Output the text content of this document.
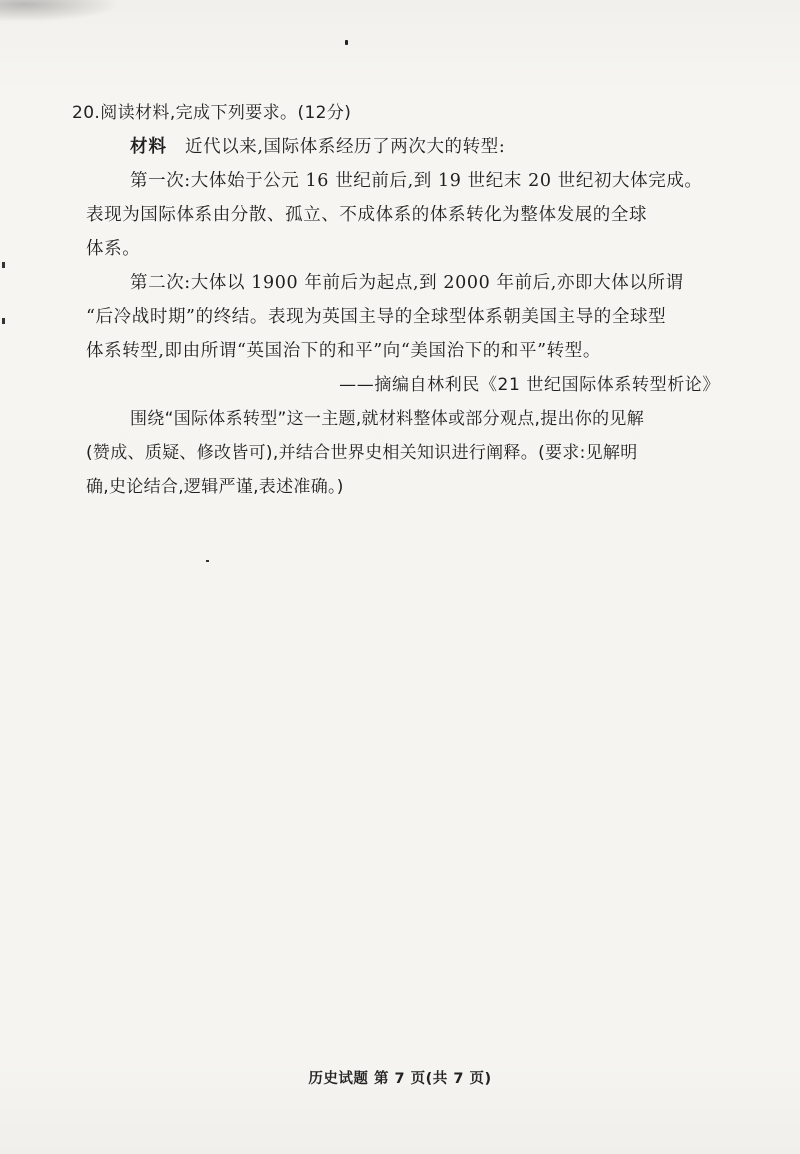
20.阅读材料,完成下列要求。(12分)
材料 近代以来,国际体系经历了两次大的转型:
第一次:大体始于公元 16 世纪前后,到 19 世纪末 20 世纪初大体完成。
表现为国际体系由分散、孤立、不成体系的体系转化为整体发展的全球
体系。
第二次:大体以 1900 年前后为起点,到 2000 年前后,亦即大体以所谓
“后冷战时期”的终结。表现为英国主导的全球型体系朝美国主导的全球型
体系转型,即由所谓“英国治下的和平”向“美国治下的和平”转型。
——摘编自林利民《21 世纪国际体系转型析论》
围绕“国际体系转型”这一主题,就材料整体或部分观点,提出你的见解
(赞成、质疑、修改皆可),并结合世界史相关知识进行阐释。(要求:见解明
确,史论结合,逻辑严谨,表述准确。)
历史试题 第 7 页(共 7 页)
